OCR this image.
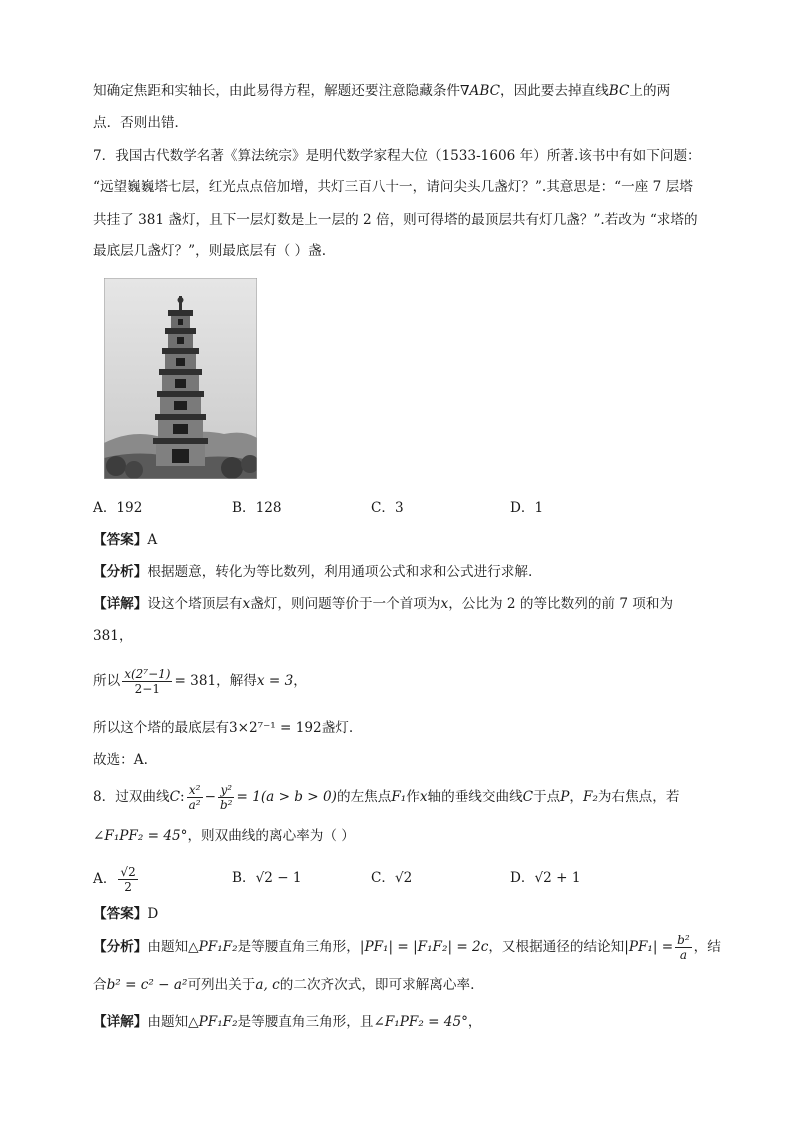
知确定焦距和实轴长，由此易得方程，解题还要注意隐藏条件∇ABC，因此要去掉直线BC上的两
点．否则出错．
7．我国古代数学名著《算法统宗》是明代数学家程大位（1533-1606 年）所著.该书中有如下问题：
“远望巍巍塔七层，红光点点倍加增，共灯三百八十一，请问尖头几盏灯？”.其意思是：“一座 7 层塔
共挂了 381 盏灯，且下一层灯数是上一层的 2 倍，则可得塔的最顶层共有灯几盏？”.若改为 “求塔的
最底层几盏灯？”，则最底层有（ ）盏.
A．192	B．128	C．3	D．1
【答案】A
【分析】根据题意，转化为等比数列，利用通项公式和求和公式进行求解.
【详解】设这个塔顶层有x盏灯，则问题等价于一个首项为x，公比为 2 的等比数列的前 7 项和为
381，
所以 $\frac{\text{x(2⁷−1)}}{2-1} = 381$，解得x = 3，
所以这个塔的最底层有3×2⁷⁻¹ = 192盏灯.
故选：A.
8．过双曲线C: $\frac{\text{x²}}{\text{a²}} - \frac{\text{y²}}{\text{b²}} = 1(a > b > 0)$的左焦点F₁作x轴的垂线交曲线C于点P，F₂为右焦点，若
∠F₁PF₂ = 45°，则双曲线的离心率为（ ）
A． $\frac{√2}{2}$	B．√2 − 1	C．√2	D．√2 + 1
【答案】D
【分析】由题知△PF₁F₂是等腰直角三角形，|PF₁| = |F₁F₂| = 2c，又根据通径的结论知$|PF_1| = \frac{\text{b²}}{a}$ ，结
合b² = c² − a²可列出关于a, c的二次齐次式，即可求解离心率.
【详解】由题知△PF₁F₂是等腰直角三角形，且∠F₁PF₂ = 45°，
